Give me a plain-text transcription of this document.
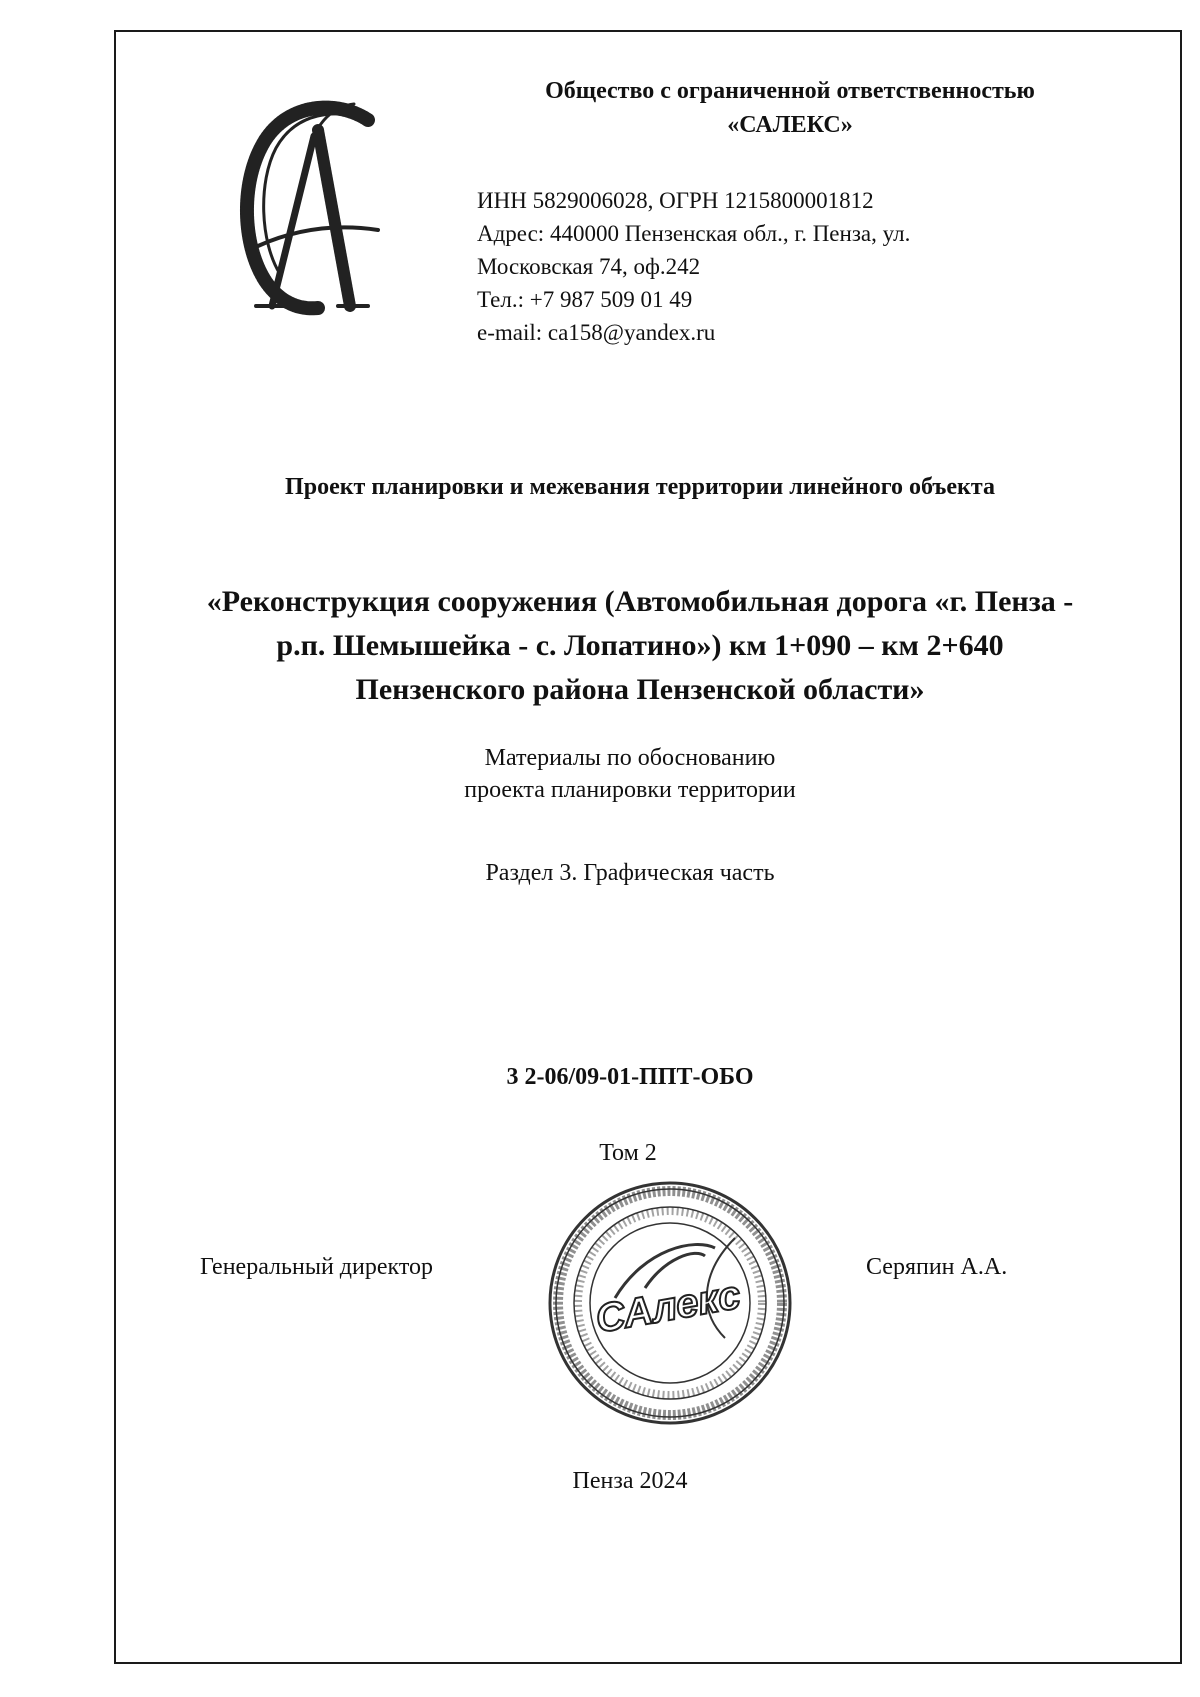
Общество с ограниченной ответственностью
«САЛЕКС»
ИНН 5829006028, ОГРН 1215800001812
Адрес: 440000 Пензенская обл., г. Пенза, ул.
Московская 74, оф.242
Тел.: +7 987 509 01 49
e-mail: ca158@yandex.ru
Проект планировки и межевания территории линейного объекта
«Реконструкция сооружения (Автомобильная дорога «г. Пенза -
р.п. Шемышейка - с. Лопатино») км 1+090 – км 2+640
Пензенского района Пензенской области»
Материалы по обоснованию
проекта планировки территории
Раздел 3. Графическая часть
3 2-06/09-01-ППТ-ОБО
Том 2
Генеральный директор
САлекс
Серяпин А.А.
Пенза 2024
